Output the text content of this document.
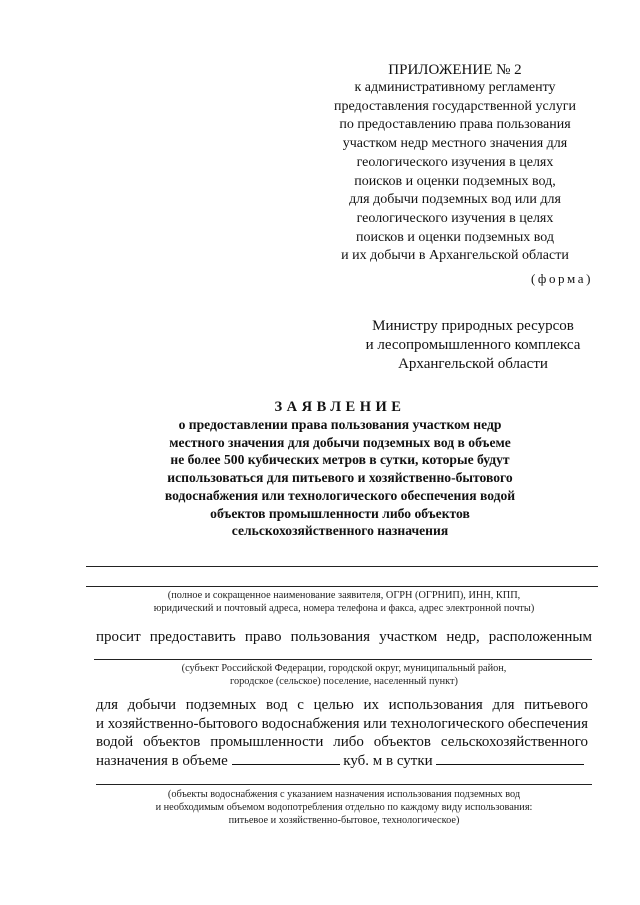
ПРИЛОЖЕНИЕ № 2
к административному регламенту
предоставления государственной услуги
по предоставлению права пользования
участком недр местного значения для
геологического изучения в целях
поисков и оценки подземных вод,
для добычи подземных вод или для
геологического изучения в целях
поисков и оценки подземных вод
и их добычи в Архангельской области
(форма)
Министру природных ресурсов
и лесопромышленного комплекса
Архангельской области
ЗАЯВЛЕНИЕ
о предоставлении права пользования участком недр
местного значения для добычи подземных вод в объеме
не более 500 кубических метров в сутки, которые будут
использоваться для питьевого и хозяйственно-бытового
водоснабжения или технологического обеспечения водой
объектов промышленности либо объектов
сельскохозяйственного назначения
(полное и сокращенное наименование заявителя, ОГРН (ОГРНИП), ИНН, КПП,
юридический и почтовый адреса, номера телефона и факса, адрес электронной почты)
просит предоставить право пользования участком недр, расположенным
(субъект Российской Федерации, городской округ, муниципальный район,
городское (сельское) поселение, населенный пункт)
для добычи подземных вод с целью их использования для питьевого
и хозяйственно-бытового водоснабжения или технологического обеспечения
водой объектов промышленности либо объектов сельскохозяйственного
назначения в объеме	куб. м в сутки
(объекты водоснабжения с указанием назначения использования подземных вод
и необходимым объемом водопотребления отдельно по каждому виду использования:
питьевое и хозяйственно-бытовое, технологическое)
